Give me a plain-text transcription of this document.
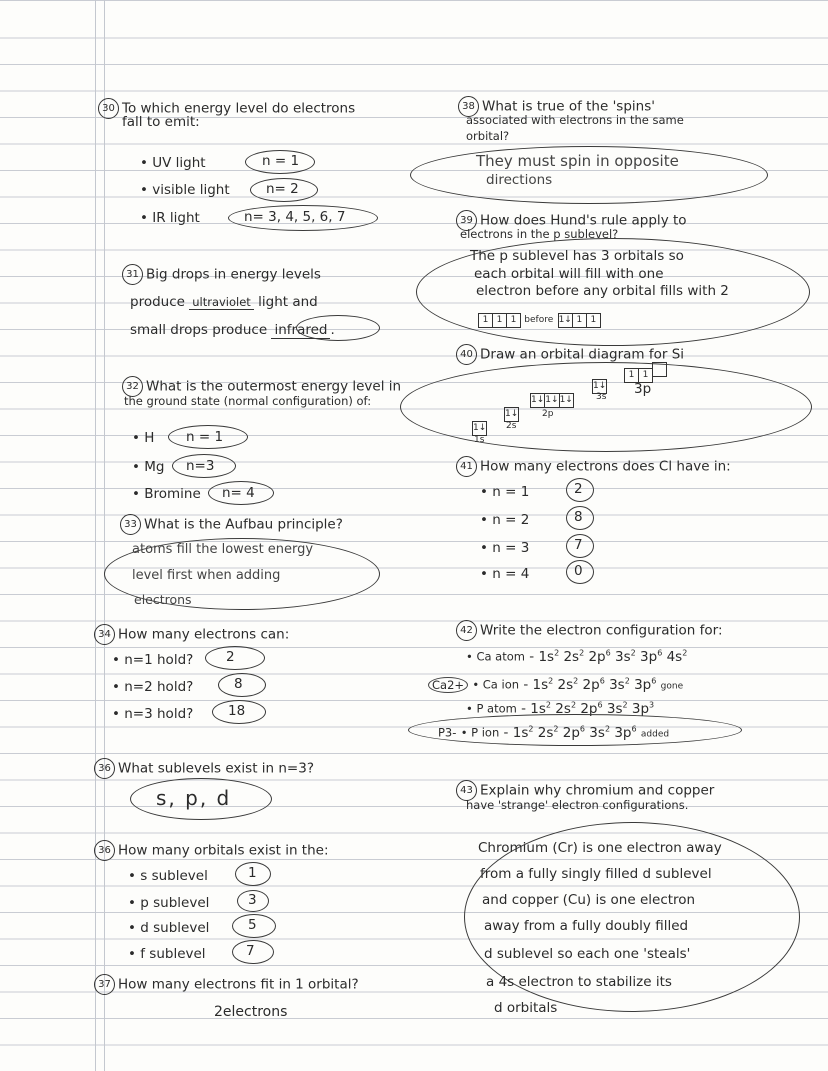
30 To which energy level do electrons
fall to emit:
• UV light	n = 1
• visible light	n= 2
• IR light	n= 3, 4, 5, 6, 7
31 Big drops in energy levels
produce ultraviolet light and
small drops produce infrared .
32 What is the outermost energy level in
the ground state (normal configuration) of:
• H n = 1
• Mg n=3
• Bromine n= 4
33 What is the Aufbau principle?
atoms fill the lowest energy
level first when adding
electrons
34 How many electrons can:
• n=1 hold? 2
• n=2 hold?	8
• n=3 hold?	18
36 What sublevels exist in n=3?
s, p, d
36 How many orbitals exist in the:
• s sublevel	1
• p sublevel	3
• d sublevel	5
• f sublevel	7
37 How many electrons fit in 1 orbital?
2electrons
38 What is true of the 'spins'
associated with electrons in the same
orbital?
They must spin in opposite
directions
39 How does Hund's rule apply to
electrons in the p sublevel?
The p sublevel has 3 orbitals so
each orbital will fill with one
electron before any orbital fills with 2
1 1 1 before 1↓ 1 1
40 Draw an orbital diagram for Si
1↓
1s
1↓
2s
1↓1↓1↓
2p
1↓
3s
1 1
3p
41 How many electrons does Cl have in:
• n = 1	2
• n = 2	8
• n = 3	7
• n = 4	0
42 Write the electron configuration for:
• Ca atom - $1s^2$ $2s^2$ $2p^6$ $3s^2$ $3p^6$ $4s^2$
Ca2+ • Ca ion - $1s^2$ $2s^2$ $2p^6$ $3s^2$ $3p^6$ gone
• P atom - $1s^2$ $2s^2$ $2p^6$ $3s^2$ $3p^3$
P3- • P ion - $1s^2$ $2s^2$ $2p^6$ $3s^2$ $3p^6$ added
43 Explain why chromium and copper
have 'strange' electron configurations.
Chromium (Cr) is one electron away
from a fully singly filled d sublevel
and copper (Cu) is one electron
away from a fully doubly filled
d sublevel so each one 'steals'
a 4s electron to stabilize its
d orbitals
